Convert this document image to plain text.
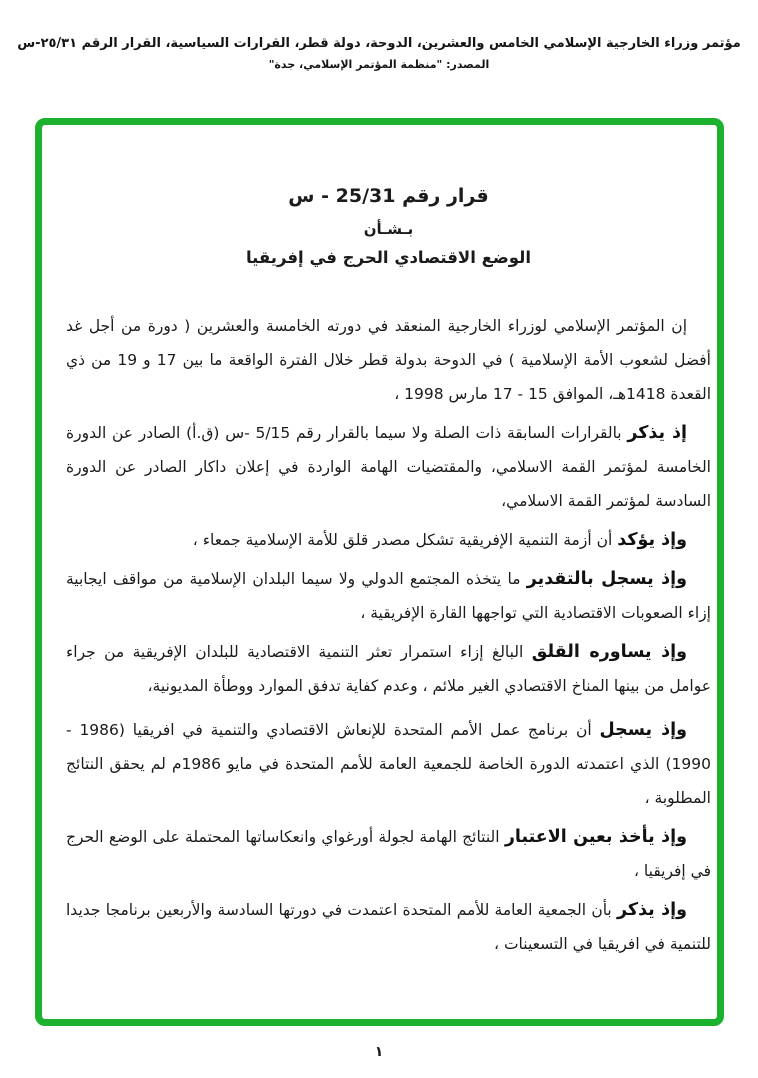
مؤتمر وزراء الخارجية الإسلامي الخامس والعشرين، الدوحة، دولة قطر، القرارات السياسية، القرار الرقم ٢٥/٣١-س
المصدر: "منظمة المؤتمر الإسلامي، جدة"
قرار رقم 25/31 - س
بـشـأن
الوضع الاقتصادي الحرج في إفريقيا

إن المؤتمر الإسلامي لوزراء الخارجية المنعقد في دورته الخامسة والعشرين ( دورة من أجل غد أفضل لشعوب الأمة الإسلامية ) في الدوحة بدولة قطر خلال الفترة الواقعة ما بين 17 و 19 من ذي القعدة 1418هـ، الموافق 15 - 17 مارس 1998 ،

إذ يذكر بالقرارات السابقة ذات الصلة ولا سيما بالقرار رقم 5/15 -س (ق.أ) الصادر عن الدورة الخامسة لمؤتمر القمة الاسلامي، والمقتضيات الهامة الواردة في إعلان داكار الصادر عن الدورة السادسة لمؤتمر القمة الاسلامي،

وإذ يؤكد أن أزمة التنمية الإفريقية تشكل مصدر قلق للأمة الإسلامية جمعاء ،

وإذ يسجل بالتقدير ما يتخذه المجتمع الدولي ولا سيما البلدان الإسلامية من مواقف ايجابية إزاء الصعوبات الاقتصادية التي تواجهها القارة الإفريقية ،

وإذ يساوره القلق البالغ إزاء استمرار تعثر التنمية الاقتصادية للبلدان الإفريقية من جراء عوامل من بينها المناخ الاقتصادي الغير ملائم ، وعدم كفاية تدفق الموارد ووطأة المديونية،

وإذ يسجل أن برنامج عمل الأمم المتحدة للإنعاش الاقتصادي والتنمية في افريقيا (1986 - 1990) الذي اعتمدته الدورة الخاصة للجمعية العامة للأمم المتحدة في مايو 1986م لم يحقق النتائج المطلوبة ،

وإذ يأخذ بعين الاعتبار النتائج الهامة لجولة أورغواي وانعكاساتها المحتملة على الوضع الحرج في إفريقيا ،

وإذ يذكر بأن الجمعية العامة للأمم المتحدة اعتمدت في دورتها السادسة والأربعين برنامجا جديدا للتنمية في افريقيا في التسعينات ،

١
